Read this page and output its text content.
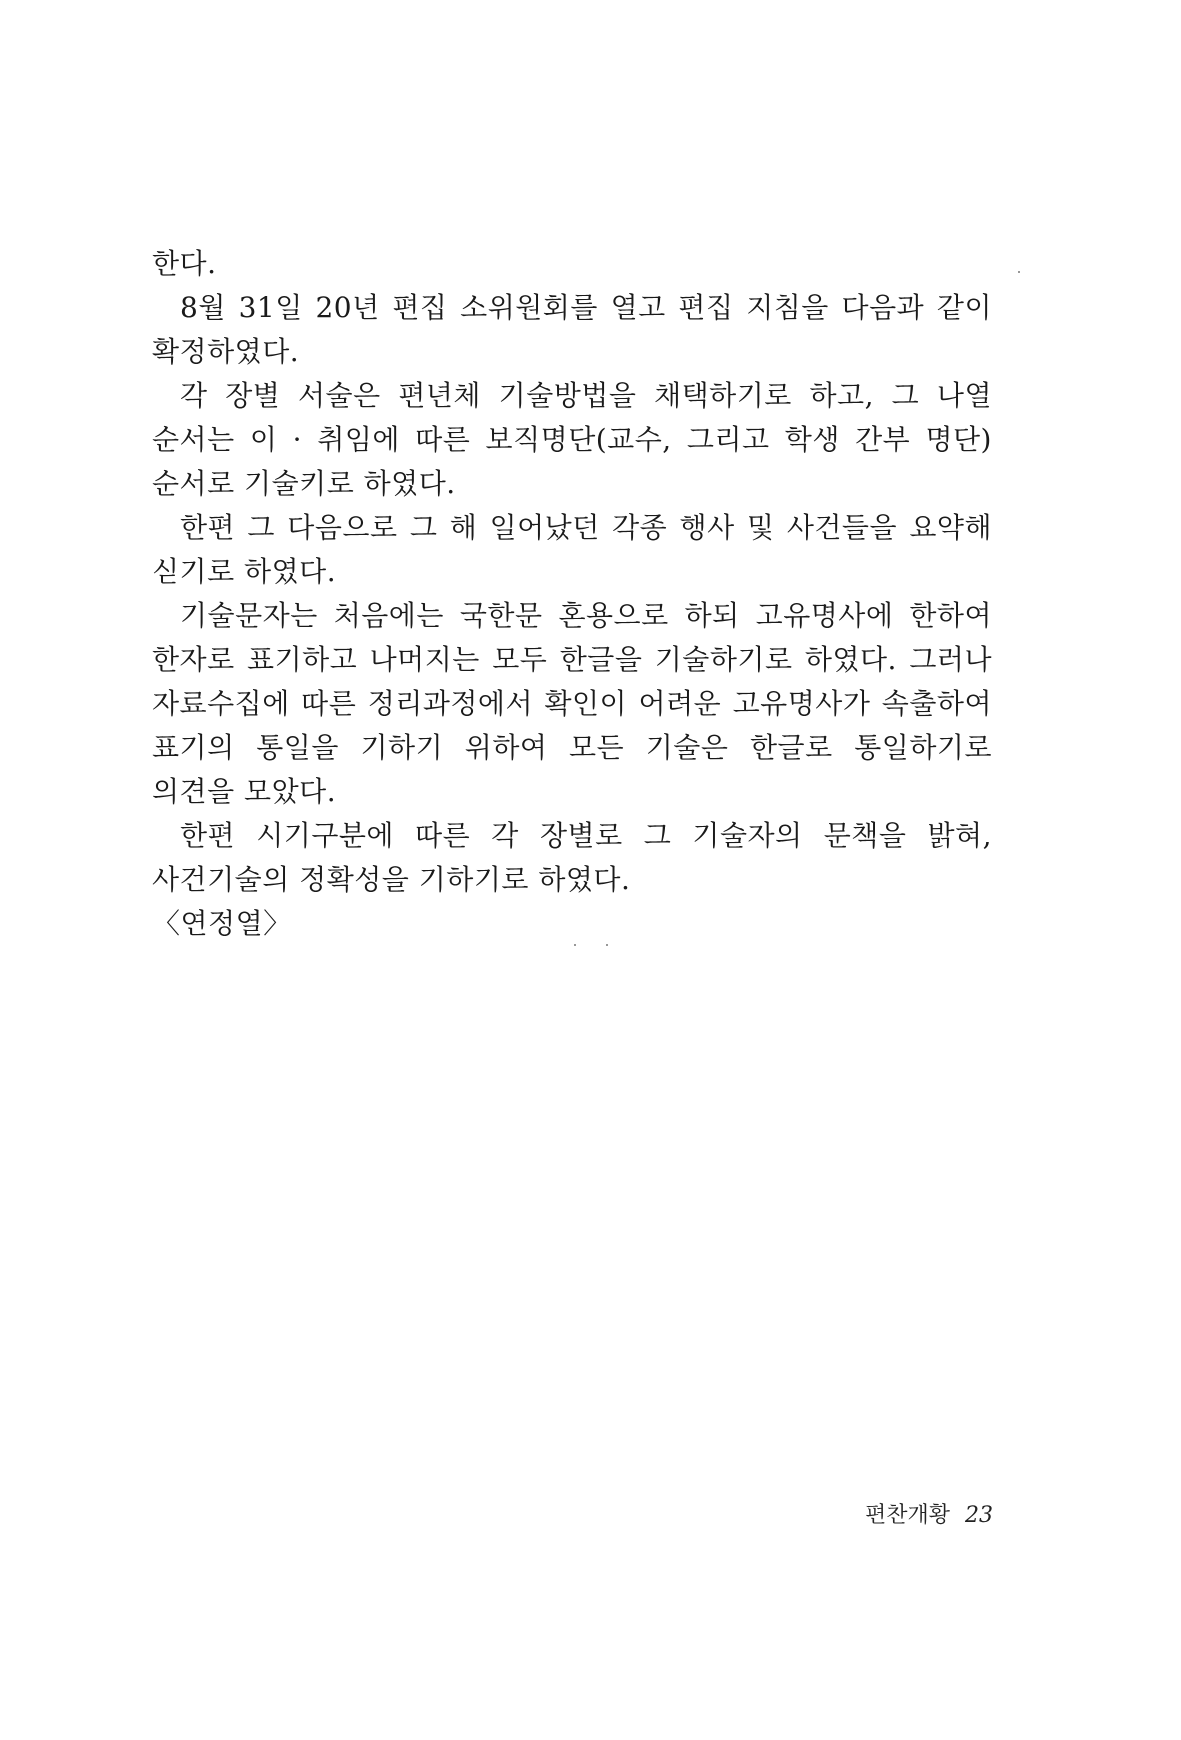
한다.

8월 31일 20년 편집 소위원회를 열고 편집 지침을 다음과 같이 확정하였다.

각 장별 서술은 편년체 기술방법을 채택하기로 하고, 그 나열 순서는 이 · 취임에 따른 보직명단(교수, 그리고 학생 간부 명단) 순서로 기술키로 하였다.

한편 그 다음으로 그 해 일어났던 각종 행사 및 사건들을 요약해 싣기로 하였다.

기술문자는 처음에는 국한문 혼용으로 하되 고유명사에 한하여 한자로 표기하고 나머지는 모두 한글을 기술하기로 하였다. 그러나 자료수집에 따른 정리과정에서 확인이 어려운 고유명사가 속출하여 표기의 통일을 기하기 위하여 모든 기술은 한글로 통일하기로 의견을 모았다.

한편 시기구분에 따른 각 장별로 그 기술자의 문책을 밝혀, 사건기술의 정확성을 기하기로 하였다.

〈연정열〉

편찬개황 23
